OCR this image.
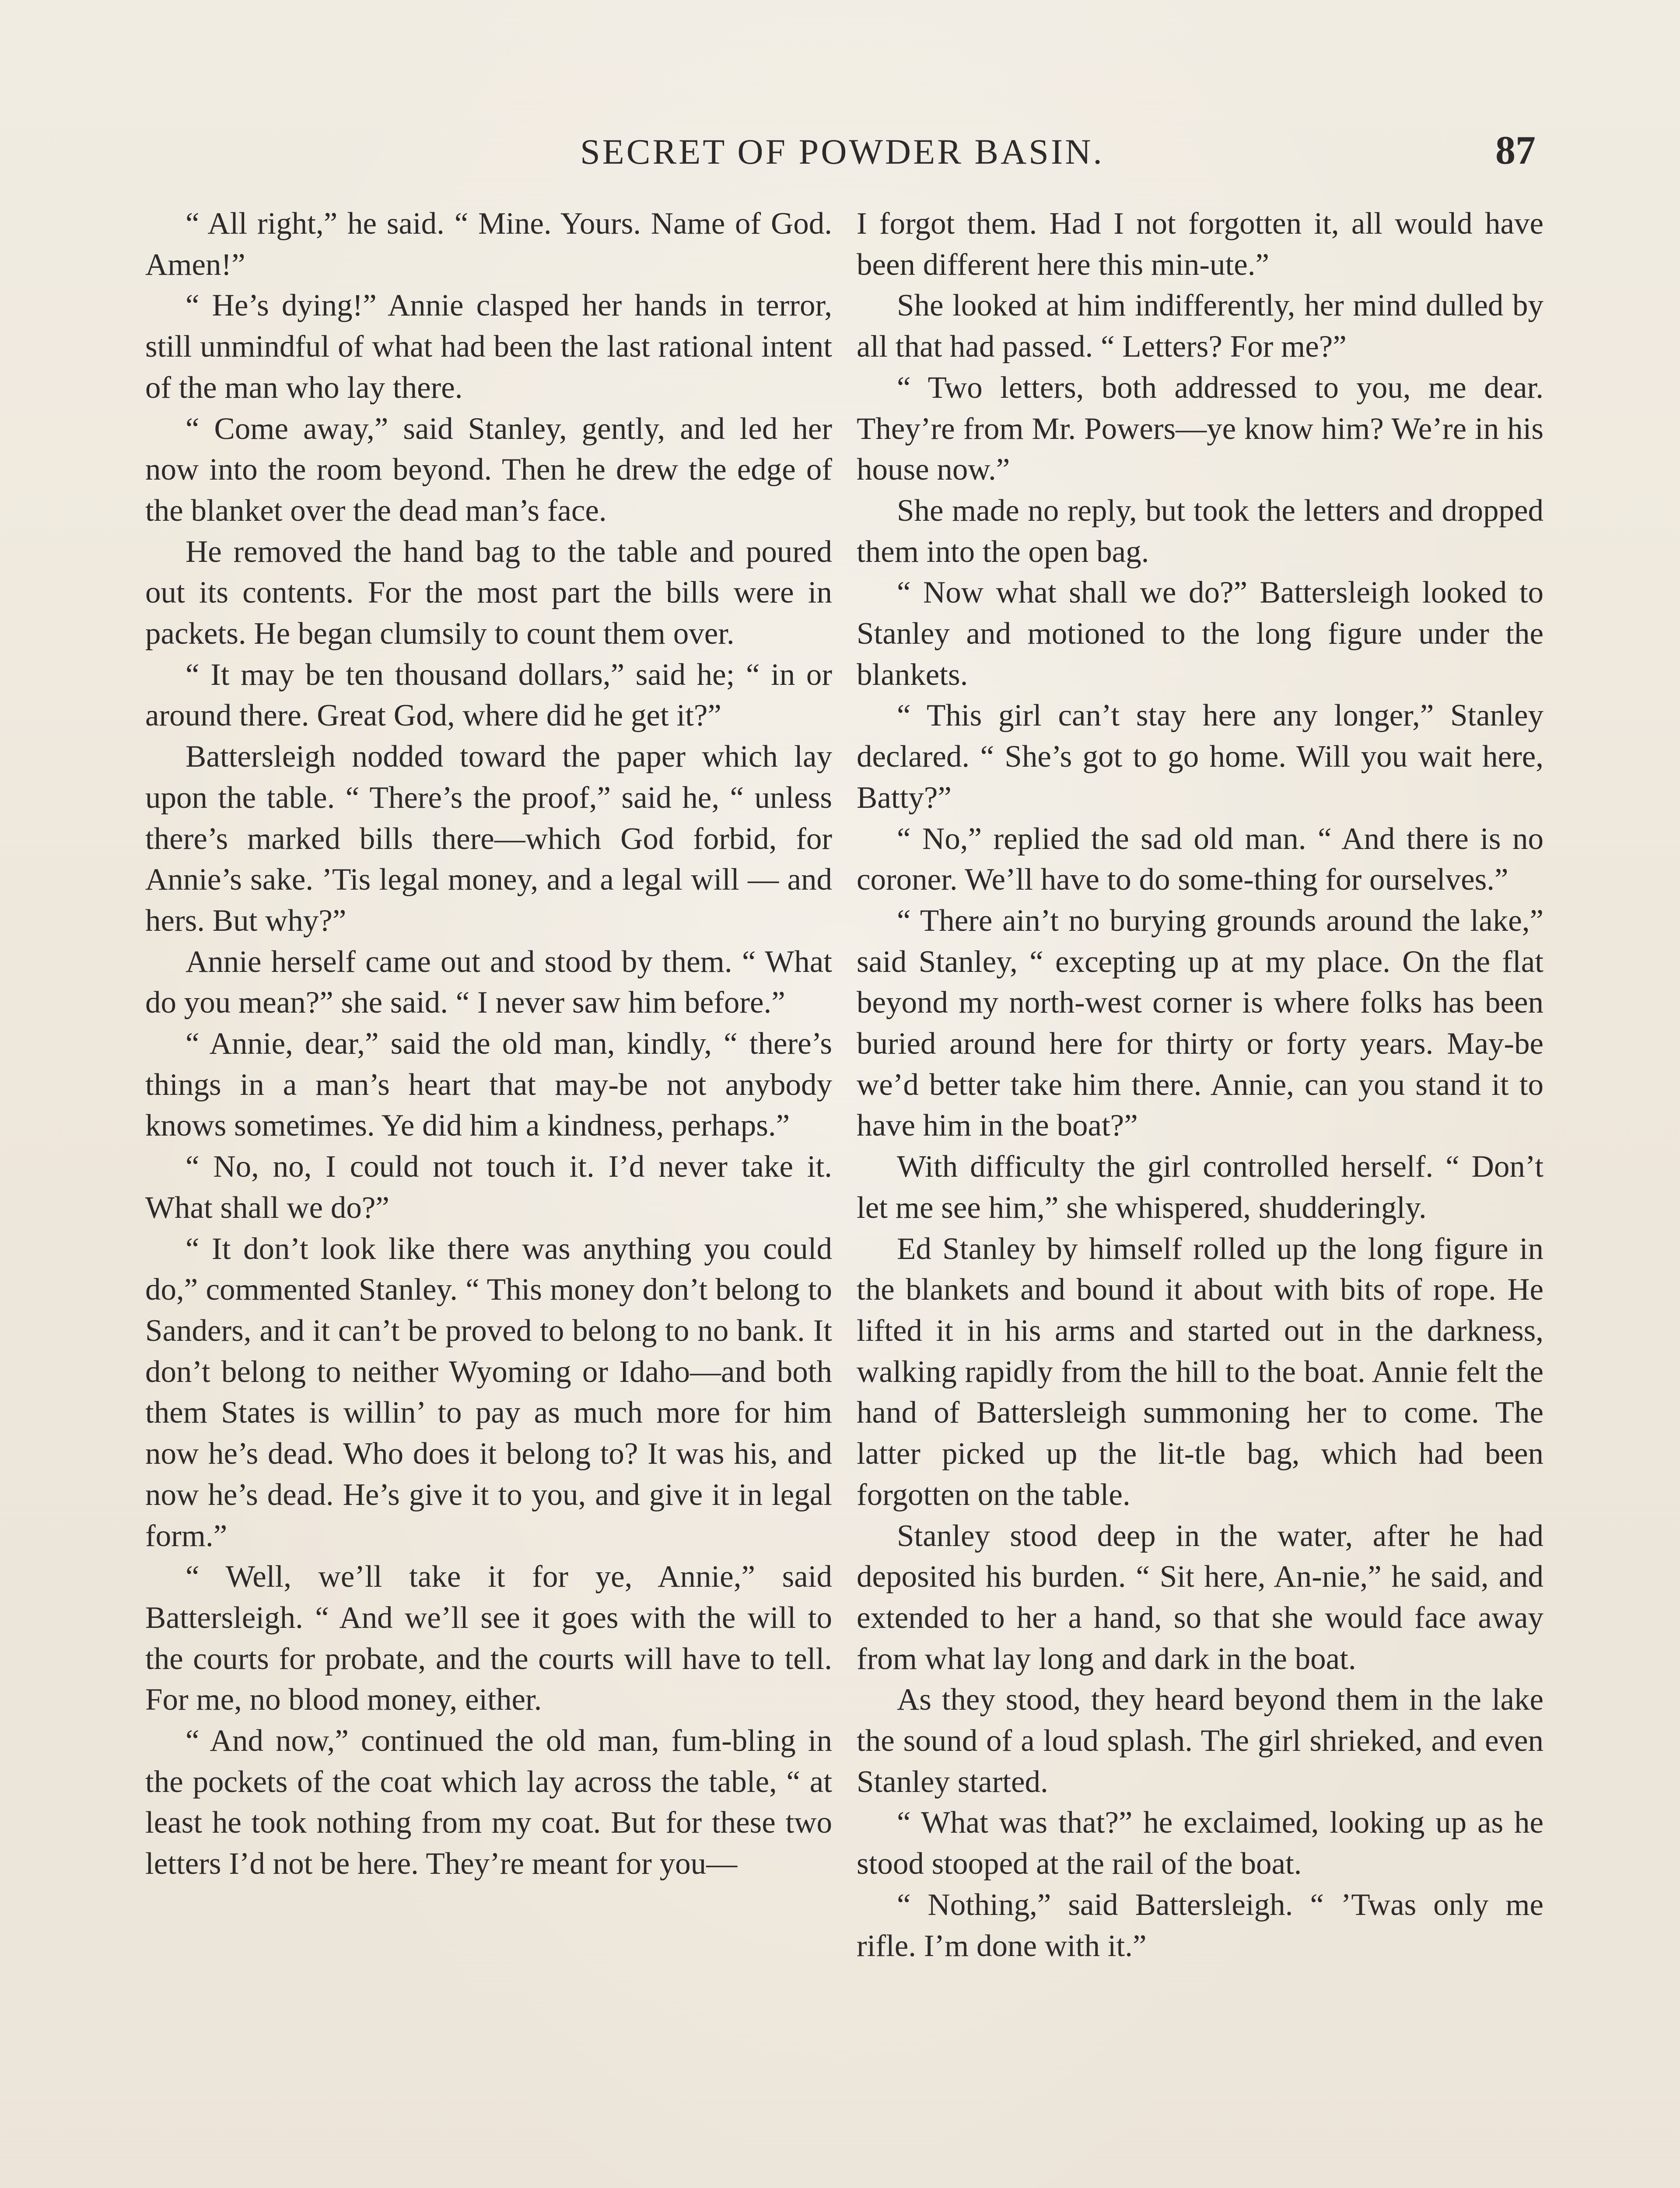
SECRET OF POWDER BASIN.	87

“ All right,” he said. “ Mine. Yours. Name of God. Amen!”

“ He’s dying!” Annie clasped her hands in terror, still unmindful of what had been the last rational intent of the man who lay there.

“ Come away,” said Stanley, gently, and led her now into the room beyond. Then he drew the edge of the blanket over the dead man’s face.

He removed the hand bag to the table and poured out its contents. For the most part the bills were in packets. He began clumsily to count them over.

“ It may be ten thousand dollars,” said he; “ in or around there. Great God, where did he get it?”

Battersleigh nodded toward the paper which lay upon the table. “ There’s the proof,” said he, “ unless there’s marked bills there—which God forbid, for Annie’s sake. ’Tis legal money, and a legal will — and hers. But why?”

Annie herself came out and stood by them. “ What do you mean?” she said. “ I never saw him before.”

“ Annie, dear,” said the old man, kindly, “ there’s things in a man’s heart that may-be not anybody knows sometimes. Ye did him a kindness, perhaps.”

“ No, no, I could not touch it. I’d never take it. What shall we do?”

“ It don’t look like there was anything you could do,” commented Stanley. “ This money don’t belong to Sanders, and it can’t be proved to belong to no bank. It don’t belong to neither Wyoming or Idaho—and both them States is willin’ to pay as much more for him now he’s dead. Who does it belong to? It was his, and now he’s dead. He’s give it to you, and give it in legal form.”

“ Well, we’ll take it for ye, Annie,” said Battersleigh. “ And we’ll see it goes with the will to the courts for probate, and the courts will have to tell. For me, no blood money, either.

“ And now,” continued the old man, fum-bling in the pockets of the coat which lay across the table, “ at least he took nothing from my coat. But for these two letters I’d not be here. They’re meant for you—

I forgot them. Had I not forgotten it, all would have been different here this min-ute.”

She looked at him indifferently, her mind dulled by all that had passed. “ Letters? For me?”

“ Two letters, both addressed to you, me dear. They’re from Mr. Powers—ye know him? We’re in his house now.”

She made no reply, but took the letters and dropped them into the open bag.

“ Now what shall we do?” Battersleigh looked to Stanley and motioned to the long figure under the blankets.

“ This girl can’t stay here any longer,” Stanley declared. “ She’s got to go home. Will you wait here, Batty?”

“ No,” replied the sad old man. “ And there is no coroner. We’ll have to do some-thing for ourselves.”

“ There ain’t no burying grounds around the lake,” said Stanley, “ excepting up at my place. On the flat beyond my north-west corner is where folks has been buried around here for thirty or forty years. May-be we’d better take him there. Annie, can you stand it to have him in the boat?”

With difficulty the girl controlled herself. “ Don’t let me see him,” she whispered, shudderingly.

Ed Stanley by himself rolled up the long figure in the blankets and bound it about with bits of rope. He lifted it in his arms and started out in the darkness, walking rapidly from the hill to the boat. Annie felt the hand of Battersleigh summoning her to come. The latter picked up the lit-tle bag, which had been forgotten on the table.

Stanley stood deep in the water, after he had deposited his burden. “ Sit here, An-nie,” he said, and extended to her a hand, so that she would face away from what lay long and dark in the boat.

As they stood, they heard beyond them in the lake the sound of a loud splash. The girl shrieked, and even Stanley started.

“ What was that?” he exclaimed, looking up as he stood stooped at the rail of the boat.

“ Nothing,” said Battersleigh. “ ’Twas only me rifle. I’m done with it.”
